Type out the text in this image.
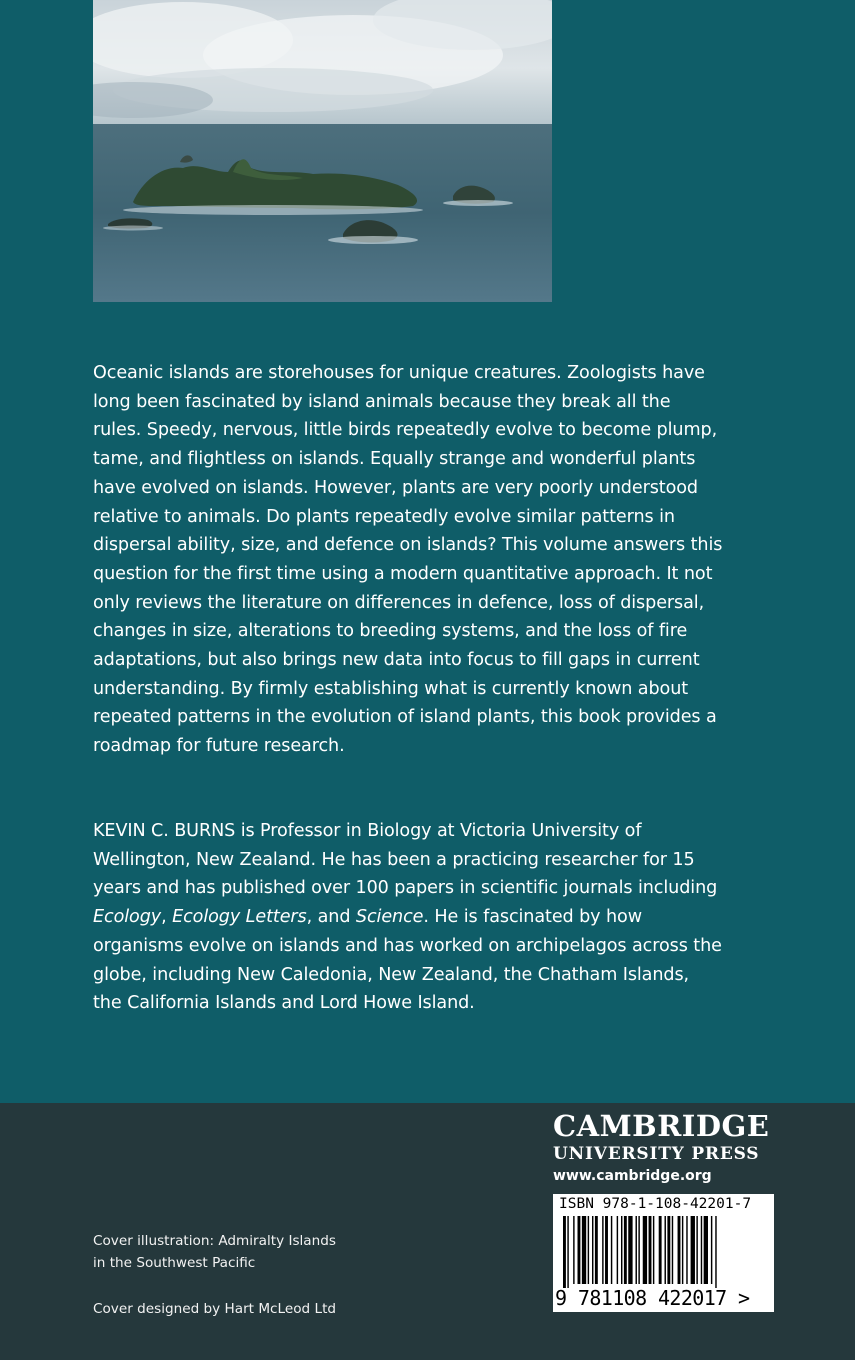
Oceanic islands are storehouses for unique creatures. Zoologists have long been fascinated by island animals because they break all the rules. Speedy, nervous, little birds repeatedly evolve to become plump, tame, and flightless on islands. Equally strange and wonderful plants have evolved on islands. However, plants are very poorly understood relative to animals. Do plants repeatedly evolve similar patterns in dispersal ability, size, and defence on islands? This volume answers this question for the first time using a modern quantitative approach. It not only reviews the literature on differences in defence, loss of dispersal, changes in size, alterations to breeding systems, and the loss of fire adaptations, but also brings new data into focus to fill gaps in current understanding. By firmly establishing what is currently known about repeated patterns in the evolution of island plants, this book provides a roadmap for future research.

KEVIN C. BURNS is Professor in Biology at Victoria University of Wellington, New Zealand. He has been a practicing researcher for 15 years and has published over 100 papers in scientific journals including Ecology, Ecology Letters, and Science. He is fascinated by how organisms evolve on islands and has worked on archipelagos across the globe, including New Caledonia, New Zealand, the Chatham Islands, the California Islands and Lord Howe Island.

Cover illustration: Admiralty Islands
in the Southwest Pacific

Cover designed by Hart McLeod Ltd

CAMBRIDGE
UNIVERSITY PRESS
www.cambridge.org
ISBN 978-1-108-42201-7
9 781108 422017 >
